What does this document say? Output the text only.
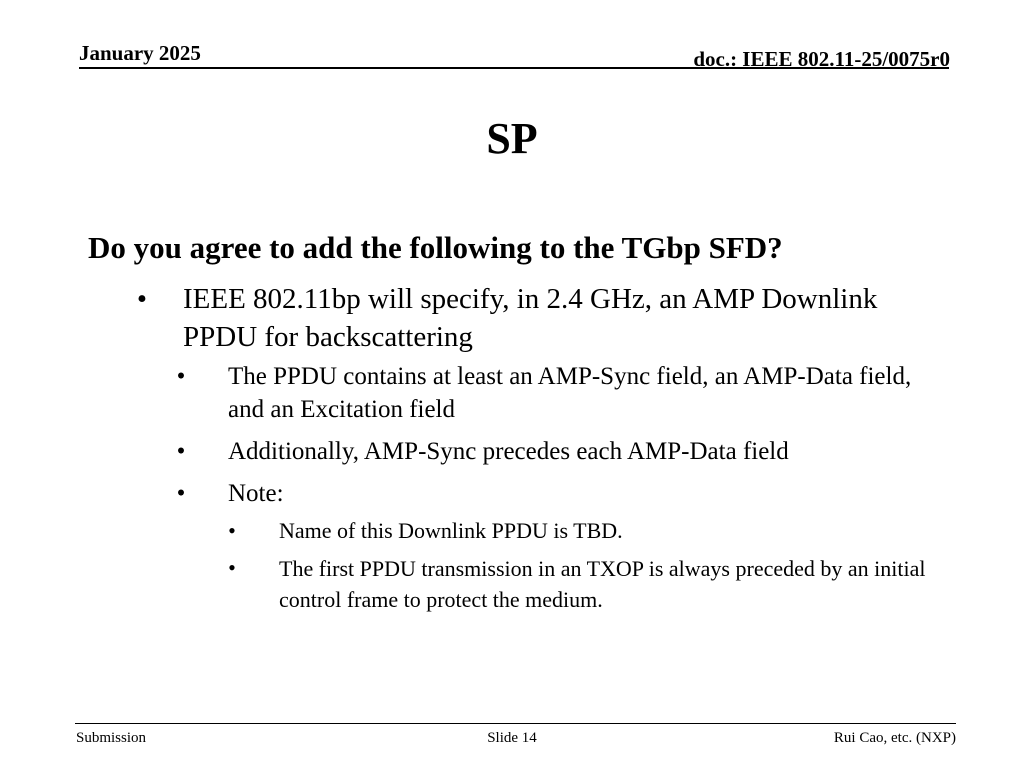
January 2025	doc.: IEEE 802.11-25/0075r0
SP
Do you agree to add the following to the TGbp SFD?
•	IEEE 802.11bp will specify, in 2.4 GHz, an AMP Downlink PPDU for backscattering
•	The PPDU contains at least an AMP-Sync field, an AMP-Data field, and an Excitation field
•	Additionally, AMP-Sync precedes each AMP-Data field
•	Note:
•	Name of this Downlink PPDU is TBD.
•	The first PPDU transmission in an TXOP is always preceded by an initial control frame to protect the medium.
Submission	Slide 14	Rui Cao, etc. (NXP)
